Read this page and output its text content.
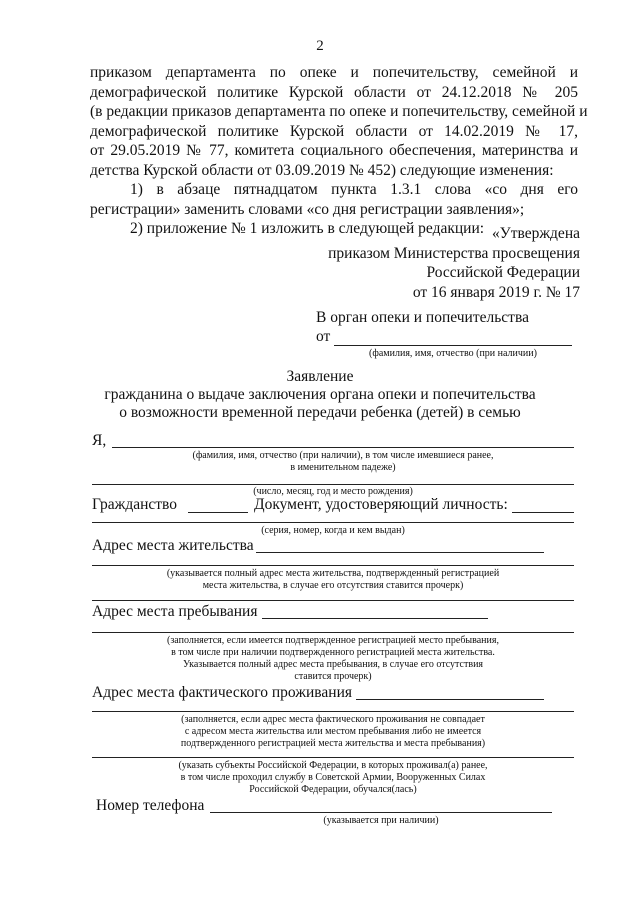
2
приказом департамента по опеке и попечительству, семейной и
демографической политике Курской области от 24.12.2018 № 205
(в редакции приказов департамента по опеке и попечительству, семейной и
демографической политике Курской области от 14.02.2019 № 17,
от 29.05.2019 № 77, комитета социального обеспечения, материнства и
детства Курской области от 03.09.2019 № 452) следующие изменения:
1) в абзаце пятнадцатом пункта 1.3.1 слова «со дня его
регистрации» заменить словами «со дня регистрации заявления»;
2) приложение № 1 изложить в следующей редакции: «Утверждена
приказом Министерства просвещения
Российской Федерации
от 16 января 2019 г. № 17
В орган опеки и попечительства
от
(фамилия, имя, отчество (при наличии)
Заявление
гражданина о выдаче заключения органа опеки и попечительства
о возможности временной передачи ребенка (детей) в семью
Я,
(фамилия, имя, отчество (при наличии), в том числе имевшиеся ранее,
в именительном падеже)
(число, месяц, год и место рождения)
Гражданство	Документ, удостоверяющий личность:
(серия, номер, когда и кем выдан)
Адрес места жительства
(указывается полный адрес места жительства, подтвержденный регистрацией
места жительства, в случае его отсутствия ставится прочерк)
Адрес места пребывания
(заполняется, если имеется подтвержденное регистрацией место пребывания,
в том числе при наличии подтвержденного регистрацией места жительства.
Указывается полный адрес места пребывания, в случае его отсутствия
ставится прочерк)
Адрес места фактического проживания
(заполняется, если адрес места фактического проживания не совпадает
с адресом места жительства или местом пребывания либо не имеется
подтвержденного регистрацией места жительства и места пребывания)
(указать субъекты Российской Федерации, в которых проживал(а) ранее,
в том числе проходил службу в Советской Армии, Вооруженных Силах
Российской Федерации, обучался(лась)
Номер телефона
(указывается при наличии)
